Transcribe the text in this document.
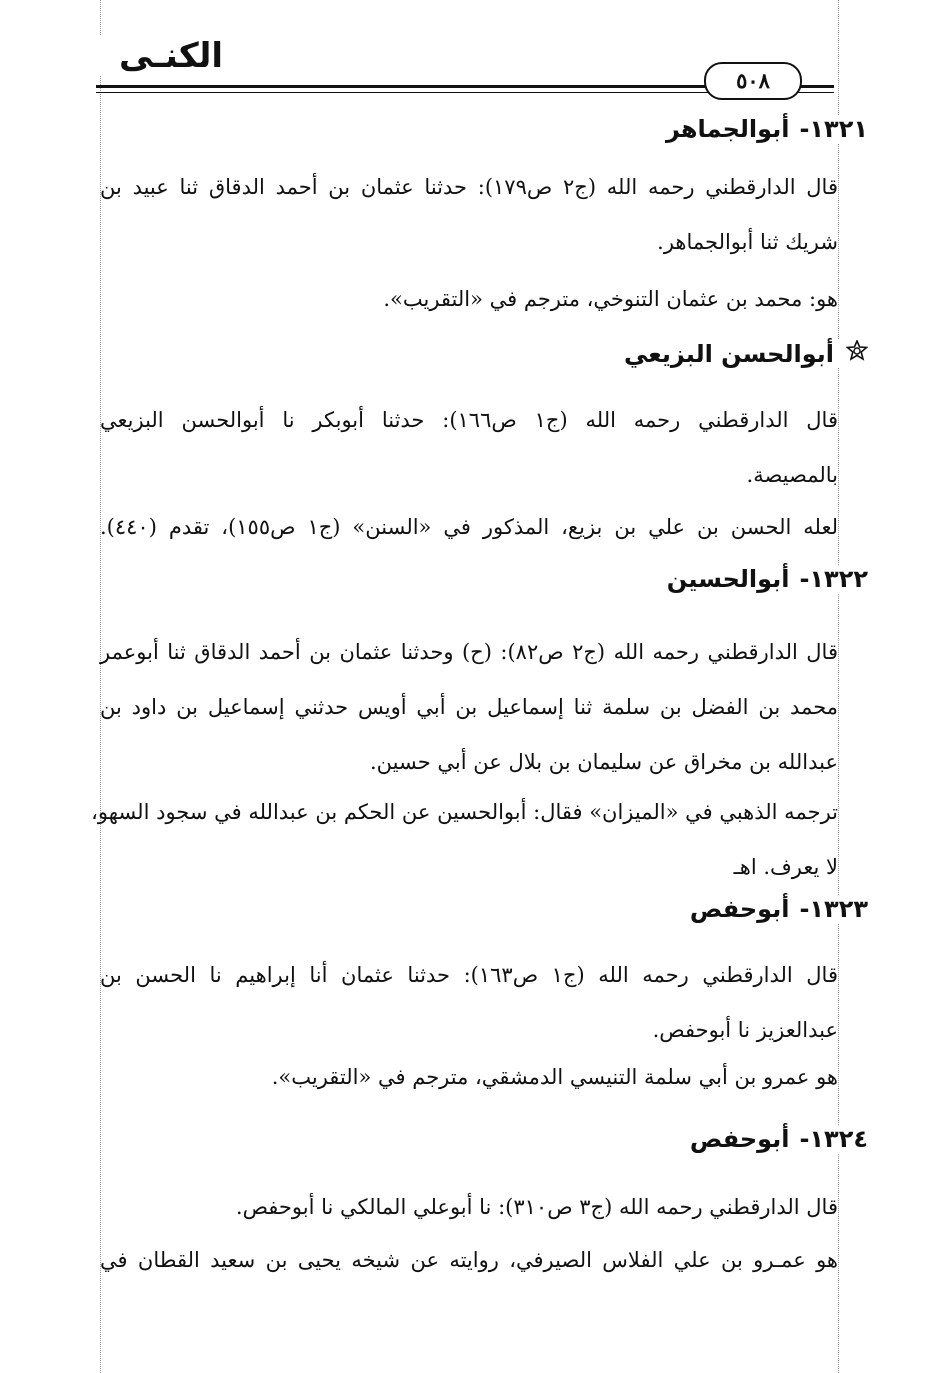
الكنـى
٥٠٨
١٣٢١-أبوالجماهر
قال الدارقطني رحمه الله (ج٢ ص١٧٩): حدثنا عثمان بن أحمد الدقاق ثنا عبيد بن
شريك ثنا أبوالجماهر.
هو: محمد بن عثمان التنوخي، مترجم في «التقريب».
أبوالحسن البزيعي
قال الدارقطني رحمه الله (ج١ ص١٦٦): حدثنا أبوبكر نا أبوالحسن البزيعي
بالمصيصة.
لعله الحسن بن علي بن بزيع، المذكور في «السنن» (ج١ ص١٥٥)، تقدم (٤٤٠).
١٣٢٢-أبوالحسين
قال الدارقطني رحمه الله (ج٢ ص٨٢): (ح) وحدثنا عثمان بن أحمد الدقاق ثنا أبوعمر
محمد بن الفضل بن سلمة ثنا إسماعيل بن أبي أويس حدثني إسماعيل بن داود بن
عبدالله بن مخراق عن سليمان بن بلال عن أبي حسين.
ترجمه الذهبي في «الميزان» فقال: أبوالحسين عن الحكم بن عبدالله في سجود السهو،
لا يعرف. اهـ
١٣٢٣-أبوحفص
قال الدارقطني رحمه الله (ج١ ص١٦٣): حدثنا عثمان أنا إبراهيم نا الحسن بن
عبدالعزيز نا أبوحفص.
هو عمرو بن أبي سلمة التنيسي الدمشقي، مترجم في «التقريب».
١٣٢٤-أبوحفص
قال الدارقطني رحمه الله (ج٣ ص٣١٠): نا أبوعلي المالكي نا أبوحفص.
هو عمـرو بن علي الفلاس الصيرفي، روايته عن شيخه يحيى بن سعيد القطان في
